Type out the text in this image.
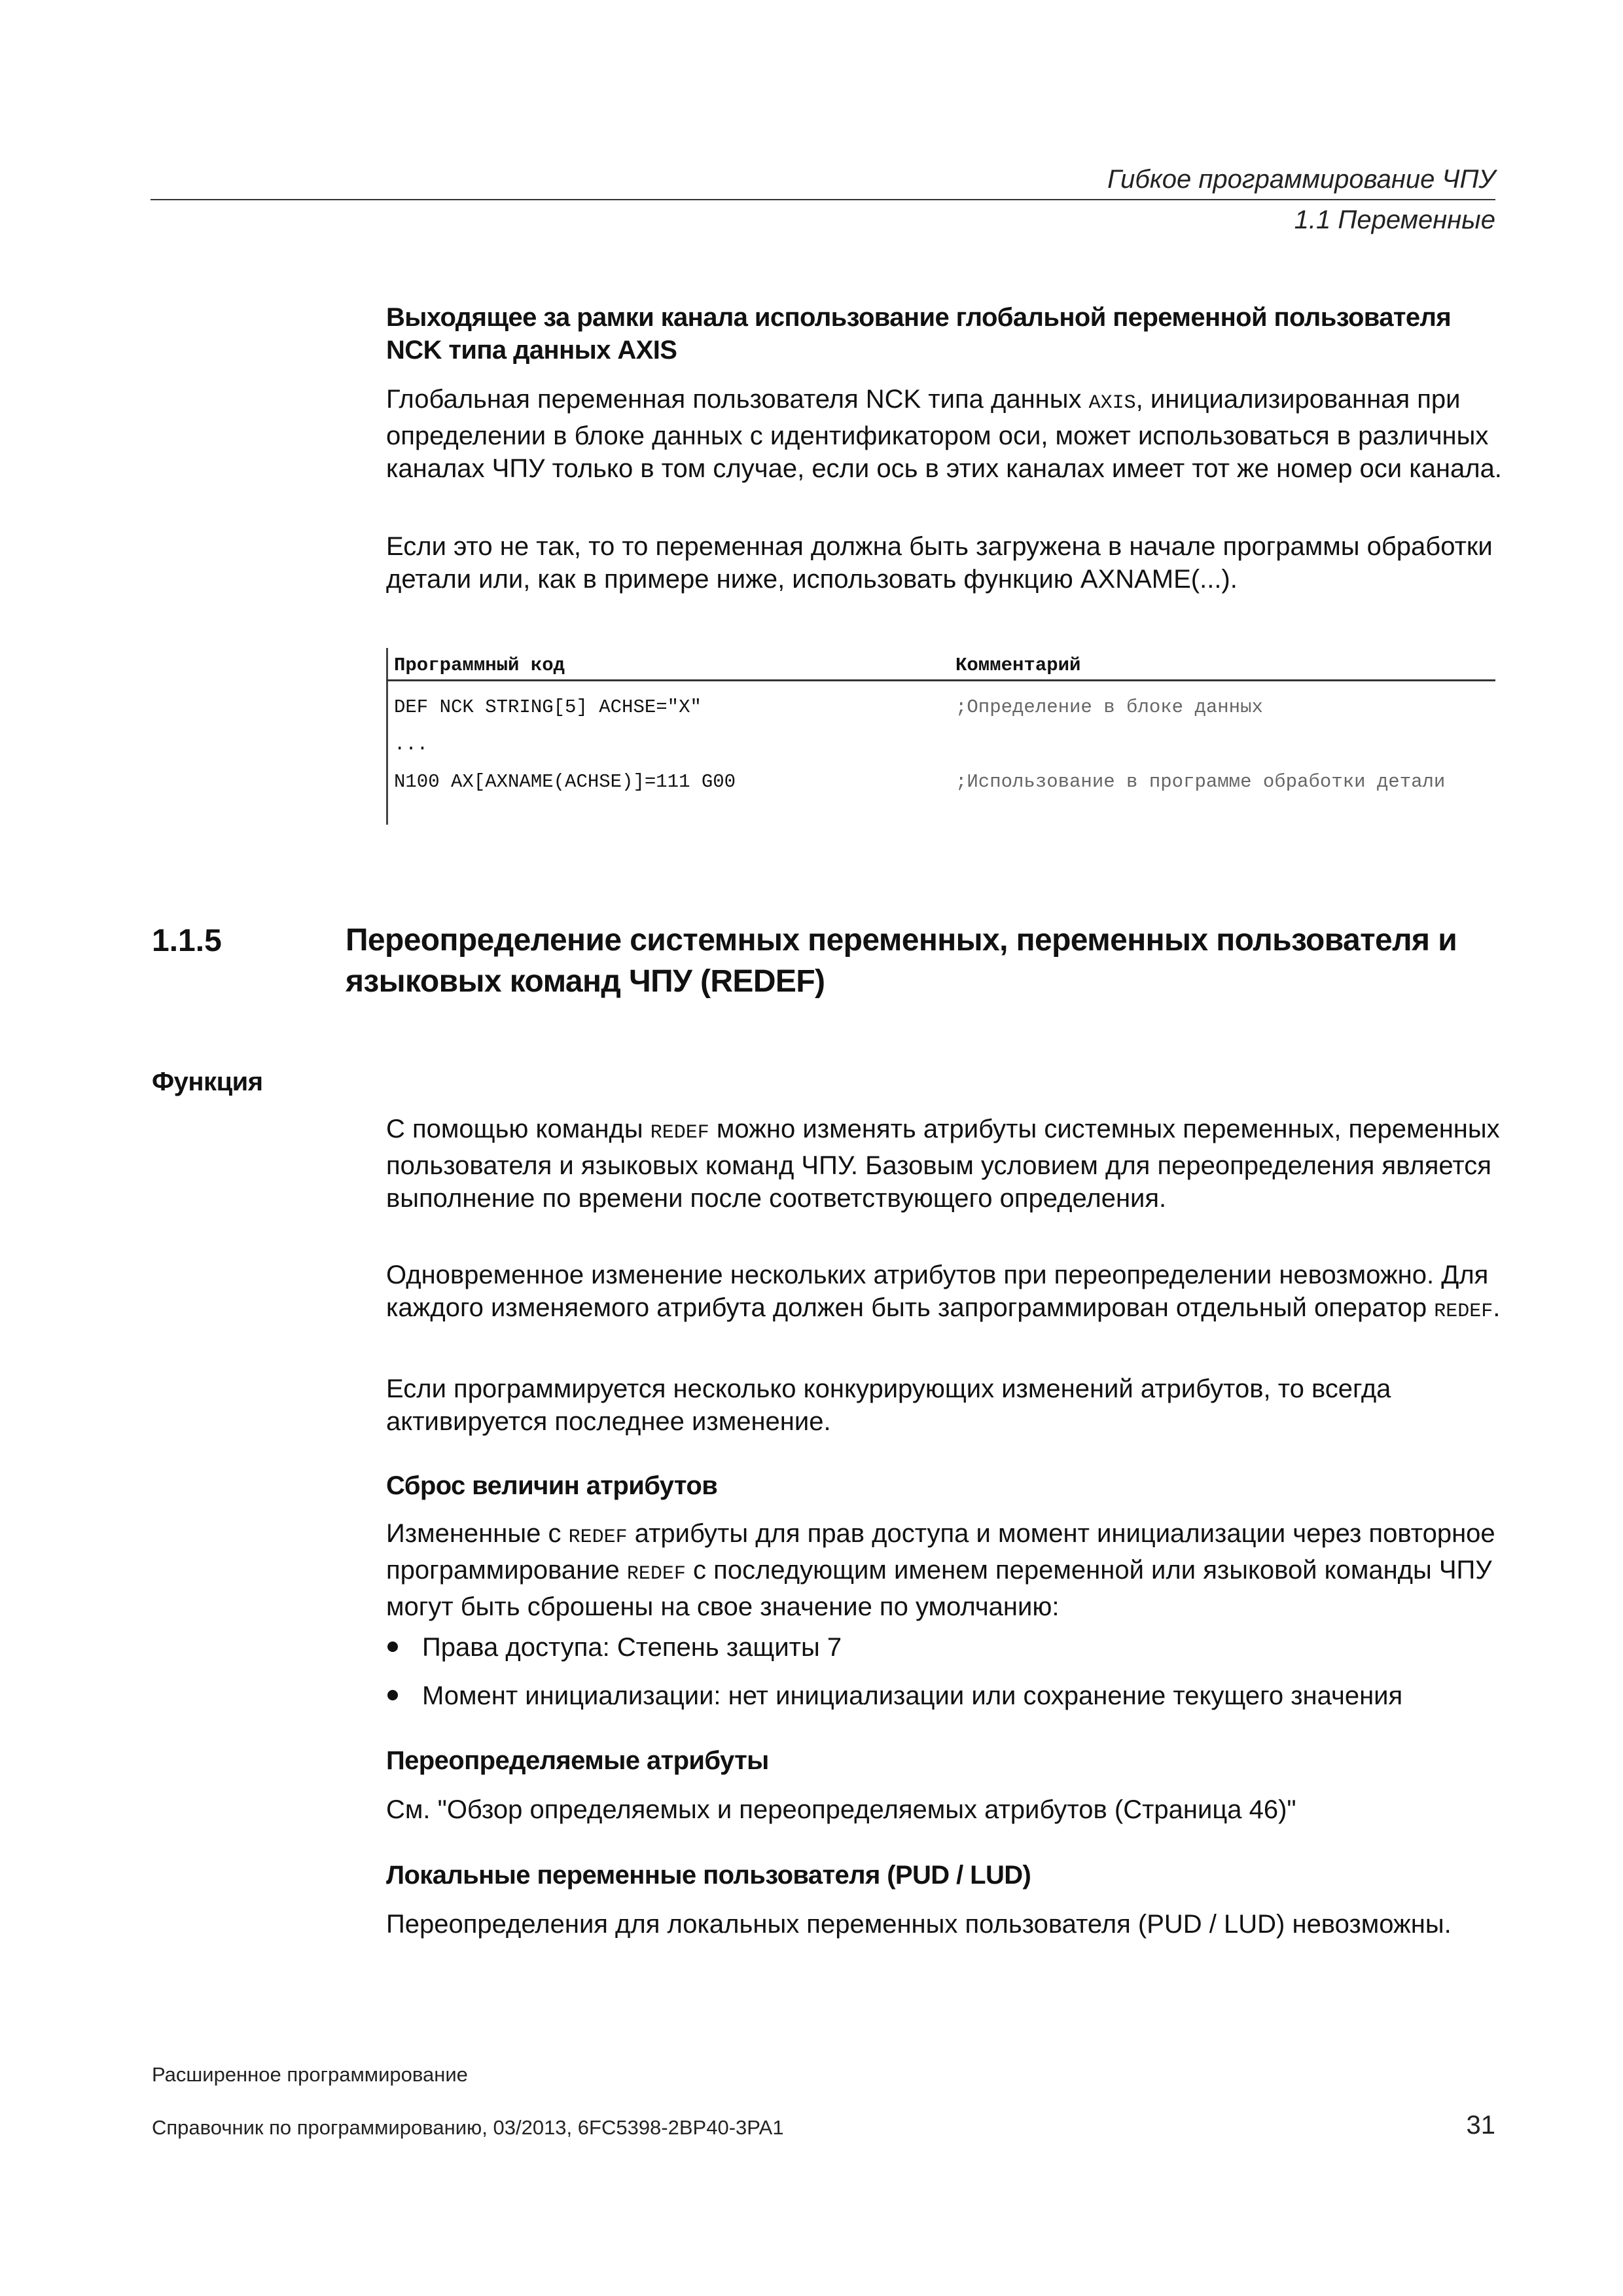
Гибкое программирование ЧПУ
1.1 Переменные
Выходящее за рамки канала использование глобальной переменной пользователя NCK типа данных AXIS

Глобальная переменная пользователя NCK типа данных AXIS, инициализированная при определении в блоке данных с идентификатором оси, может использоваться в различных каналах ЧПУ только в том случае, если ось в этих каналах имеет тот же номер оси канала.

Если это не так, то то переменная должна быть загружена в начале программы обработки детали или, как в примере ниже, использовать функцию AXNAME(...).
Программный код	Комментарий
DEF NCK STRING[5] ACHSE="X"	;Определение в блоке данных
...
N100 AX[AXNAME(ACHSE)]=111 G00	;Использование в программе обработки детали
1.1.5	Переопределение системных переменных, переменных пользователя и языковых команд ЧПУ (REDEF)
Функция

С помощью команды REDEF можно изменять атрибуты системных переменных, переменных пользователя и языковых команд ЧПУ. Базовым условием для переопределения является выполнение по времени после соответствующего определения.

Одновременное изменение нескольких атрибутов при переопределении невозможно. Для каждого изменяемого атрибута должен быть запрограммирован отдельный оператор REDEF.

Если программируется несколько конкурирующих изменений атрибутов, то всегда активируется последнее изменение.
Сброс величин атрибутов

Измененные с REDEF атрибуты для прав доступа и момент инициализации через повторное программирование REDEF с последующим именем переменной или языковой команды ЧПУ могут быть сброшены на свое значение по умолчанию:

Права доступа: Степень защиты 7
Момент инициализации: нет инициализации или сохранение текущего значения
Переопределяемые атрибуты
См. "Обзор определяемых и переопределяемых атрибутов (Страница 46)"
Локальные переменные пользователя (PUD / LUD)
Переопределения для локальных переменных пользователя (PUD / LUD) невозможны.
Расширенное программирование
Справочник по программированию, 03/2013, 6FC5398-2BP40-3PA1	31
